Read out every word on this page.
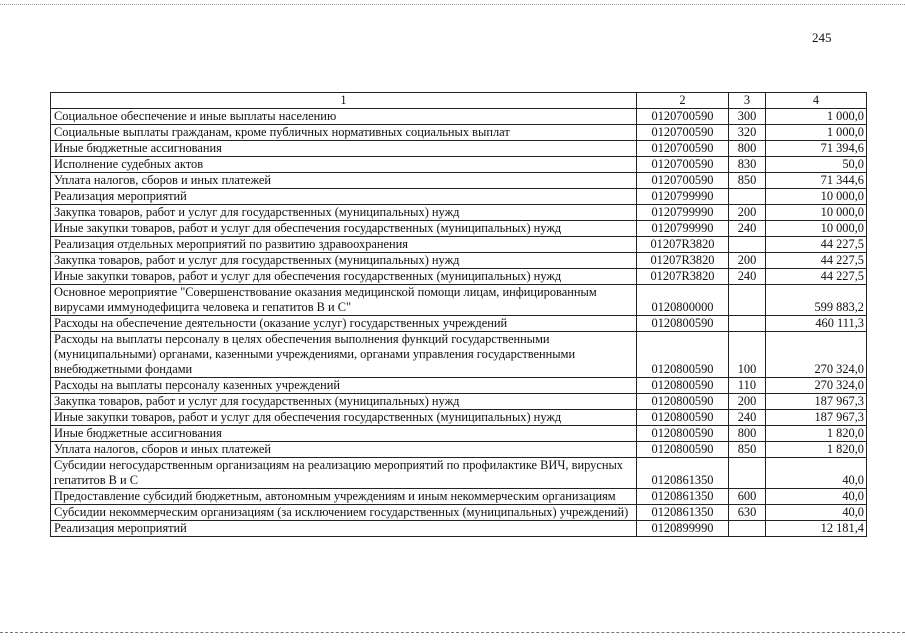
245
1	2	3	4
Социальное обеспечение и иные выплаты населению	0120700590	300	1 000,0
Социальные выплаты гражданам, кроме публичных нормативных социальных выплат	0120700590	320	1 000,0
Иные бюджетные ассигнования	0120700590	800	71 394,6
Исполнение судебных актов	0120700590	830	50,0
Уплата налогов, сборов и иных платежей	0120700590	850	71 344,6
Реализация мероприятий	0120799990		10 000,0
Закупка товаров, работ и услуг для государственных (муниципальных) нужд	0120799990	200	10 000,0
Иные закупки товаров, работ и услуг для обеспечения государственных (муниципальных) нужд	0120799990	240	10 000,0
Реализация отдельных мероприятий по развитию здравоохранения	01207R3820		44 227,5
Закупка товаров, работ и услуг для государственных (муниципальных) нужд	01207R3820	200	44 227,5
Иные закупки товаров, работ и услуг для обеспечения государственных (муниципальных) нужд	01207R3820	240	44 227,5
Основное мероприятие "Совершенствование оказания медицинской помощи лицам, инфицированным вирусами иммунодефицита человека и гепатитов В и С"	0120800000		599 883,2
Расходы на обеспечение деятельности (оказание услуг) государственных учреждений	0120800590		460 111,3
Расходы на выплаты персоналу в целях обеспечения выполнения функций государственными (муниципальными) органами, казенными учреждениями, органами управления государственными внебюджетными фондами	0120800590	100	270 324,0
Расходы на выплаты персоналу казенных учреждений	0120800590	110	270 324,0
Закупка товаров, работ и услуг для государственных (муниципальных) нужд	0120800590	200	187 967,3
Иные закупки товаров, работ и услуг для обеспечения государственных (муниципальных) нужд	0120800590	240	187 967,3
Иные бюджетные ассигнования	0120800590	800	1 820,0
Уплата налогов, сборов и иных платежей	0120800590	850	1 820,0
Субсидии негосударственным организациям на реализацию мероприятий по профилактике ВИЧ, вирусных гепатитов В и С	0120861350		40,0
Предоставление субсидий бюджетным, автономным учреждениям и иным некоммерческим организациям	0120861350	600	40,0
Субсидии некоммерческим организациям (за исключением государственных (муниципальных) учреждений)	0120861350	630	40,0
Реализация мероприятий	0120899990		12 181,4
